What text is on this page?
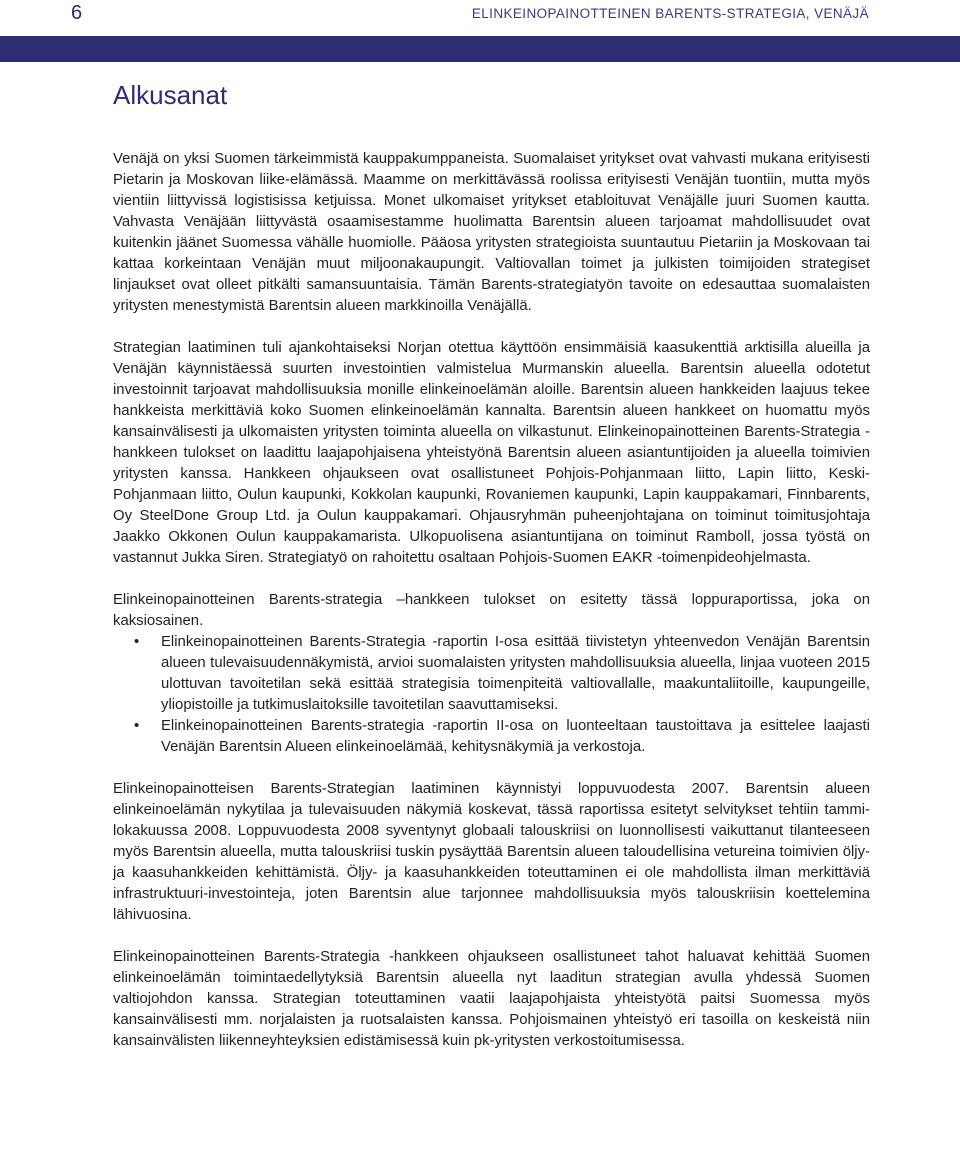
6	ELINKEINOPAINOTTEINEN BARENTS-STRATEGIA, VENÄJÄ
Alkusanat

Venäjä on yksi Suomen tärkeimmistä kauppakumppaneista. Suomalaiset yritykset ovat vahvasti mukana erityisesti Pietarin ja Moskovan liike-elämässä. Maamme on merkittävässä roolissa erityisesti Venäjän tuontiin, mutta myös vientiin liittyvissä logistisissa ketjuissa. Monet ulkomaiset yritykset etabloituvat Venäjälle juuri Suomen kautta. Vahvasta Venäjään liittyvästä osaamisestamme huolimatta Barentsin alueen tarjoamat mahdollisuudet ovat kuitenkin jäänet Suomessa vähälle huomiolle. Pääosa yritysten strategioista suuntautuu Pietariin ja Moskovaan tai kattaa korkeintaan Venäjän muut miljoonakaupungit. Valtiovallan toimet ja julkisten toimijoiden strategiset linjaukset ovat olleet pitkälti samansuuntaisia. Tämän Barents-strategiatyön tavoite on edesauttaa suomalaisten yritysten menestymistä Barentsin alueen markkinoilla Venäjällä.

Strategian laatiminen tuli ajankohtaiseksi Norjan otettua käyttöön ensimmäisiä kaasukenttiä arktisilla alueilla ja Venäjän käynnistäessä suurten investointien valmistelua Murmanskin alueella. Barentsin alueella odotetut investoinnit tarjoavat mahdollisuuksia monille elinkeinoelämän aloille. Barentsin alueen hankkeiden laajuus tekee hankkeista merkittäviä koko Suomen elinkeinoelämän kannalta. Barentsin alueen hankkeet on huomattu myös kansainvälisesti ja ulkomaisten yritysten toiminta alueella on vilkastunut. Elinkeinopainotteinen Barents-Strategia -hankkeen tulokset on laadittu laajapohjaisena yhteistyönä Barentsin alueen asiantuntijoiden ja alueella toimivien yritysten kanssa. Hankkeen ohjaukseen ovat osallistuneet Pohjois-Pohjanmaan liitto, Lapin liitto, Keski-Pohjanmaan liitto, Oulun kaupunki, Kokkolan kaupunki, Rovaniemen kaupunki, Lapin kauppakamari, Finnbarents, Oy SteelDone Group Ltd. ja Oulun kauppakamari. Ohjausryhmän puheenjohtajana on toiminut toimitusjohtaja Jaakko Okkonen Oulun kauppakamarista. Ulkopuolisena asiantuntijana on toiminut Ramboll, jossa työstä on vastannut Jukka Siren. Strategiatyö on rahoitettu osaltaan Pohjois-Suomen EAKR -toimenpideohjelmasta.

Elinkeinopainotteinen Barents-strategia –hankkeen tulokset on esitetty tässä loppuraportissa, joka on kaksiosainen.

• Elinkeinopainotteinen Barents-Strategia -raportin I-osa esittää tiivistetyn yhteenvedon Venäjän Barentsin alueen tulevaisuudennäkymistä, arvioi suomalaisten yritysten mahdollisuuksia alueella, linjaa vuoteen 2015 ulottuvan tavoitetilan sekä esittää strategisia toimenpiteitä valtiovallalle, maakuntaliitoille, kaupungeille, yliopistoille ja tutkimuslaitoksille tavoitetilan saavuttamiseksi.
• Elinkeinopainotteinen Barents-strategia -raportin II-osa on luonteeltaan taustoittava ja esittelee laajasti Venäjän Barentsin Alueen elinkeinoelämää, kehitysnäkymiä ja verkostoja.

Elinkeinopainotteisen Barents-Strategian laatiminen käynnistyi loppuvuodesta 2007. Barentsin alueen elinkeinoelämän nykytilaa ja tulevaisuuden näkymiä koskevat, tässä raportissa esitetyt selvitykset tehtiin tammi-lokakuussa 2008. Loppuvuodesta 2008 syventynyt globaali talouskriisi on luonnollisesti vaikuttanut tilanteeseen myös Barentsin alueella, mutta talouskriisi tuskin pysäyttää Barentsin alueen taloudellisina vetureina toimivien öljy- ja kaasuhankkeiden kehittämistä. Öljy- ja kaasuhankkeiden toteuttaminen ei ole mahdollista ilman merkittäviä infrastruktuuri-investointeja, joten Barentsin alue tarjonnee mahdollisuuksia myös talouskriisin koettelemina lähivuosina.

Elinkeinopainotteinen Barents-Strategia -hankkeen ohjaukseen osallistuneet tahot haluavat kehittää Suomen elinkeinoelämän toimintaedellytyksiä Barentsin alueella nyt laaditun strategian avulla yhdessä Suomen valtiojohdon kanssa. Strategian toteuttaminen vaatii laajapohjaista yhteistyötä paitsi Suomessa myös kansainvälisesti mm. norjalaisten ja ruotsalaisten kanssa. Pohjoismainen yhteistyö eri tasoilla on keskeistä niin kansainvälisten liikenneyhteyksien edistämisessä kuin pk-yritysten verkostoitumisessa.
